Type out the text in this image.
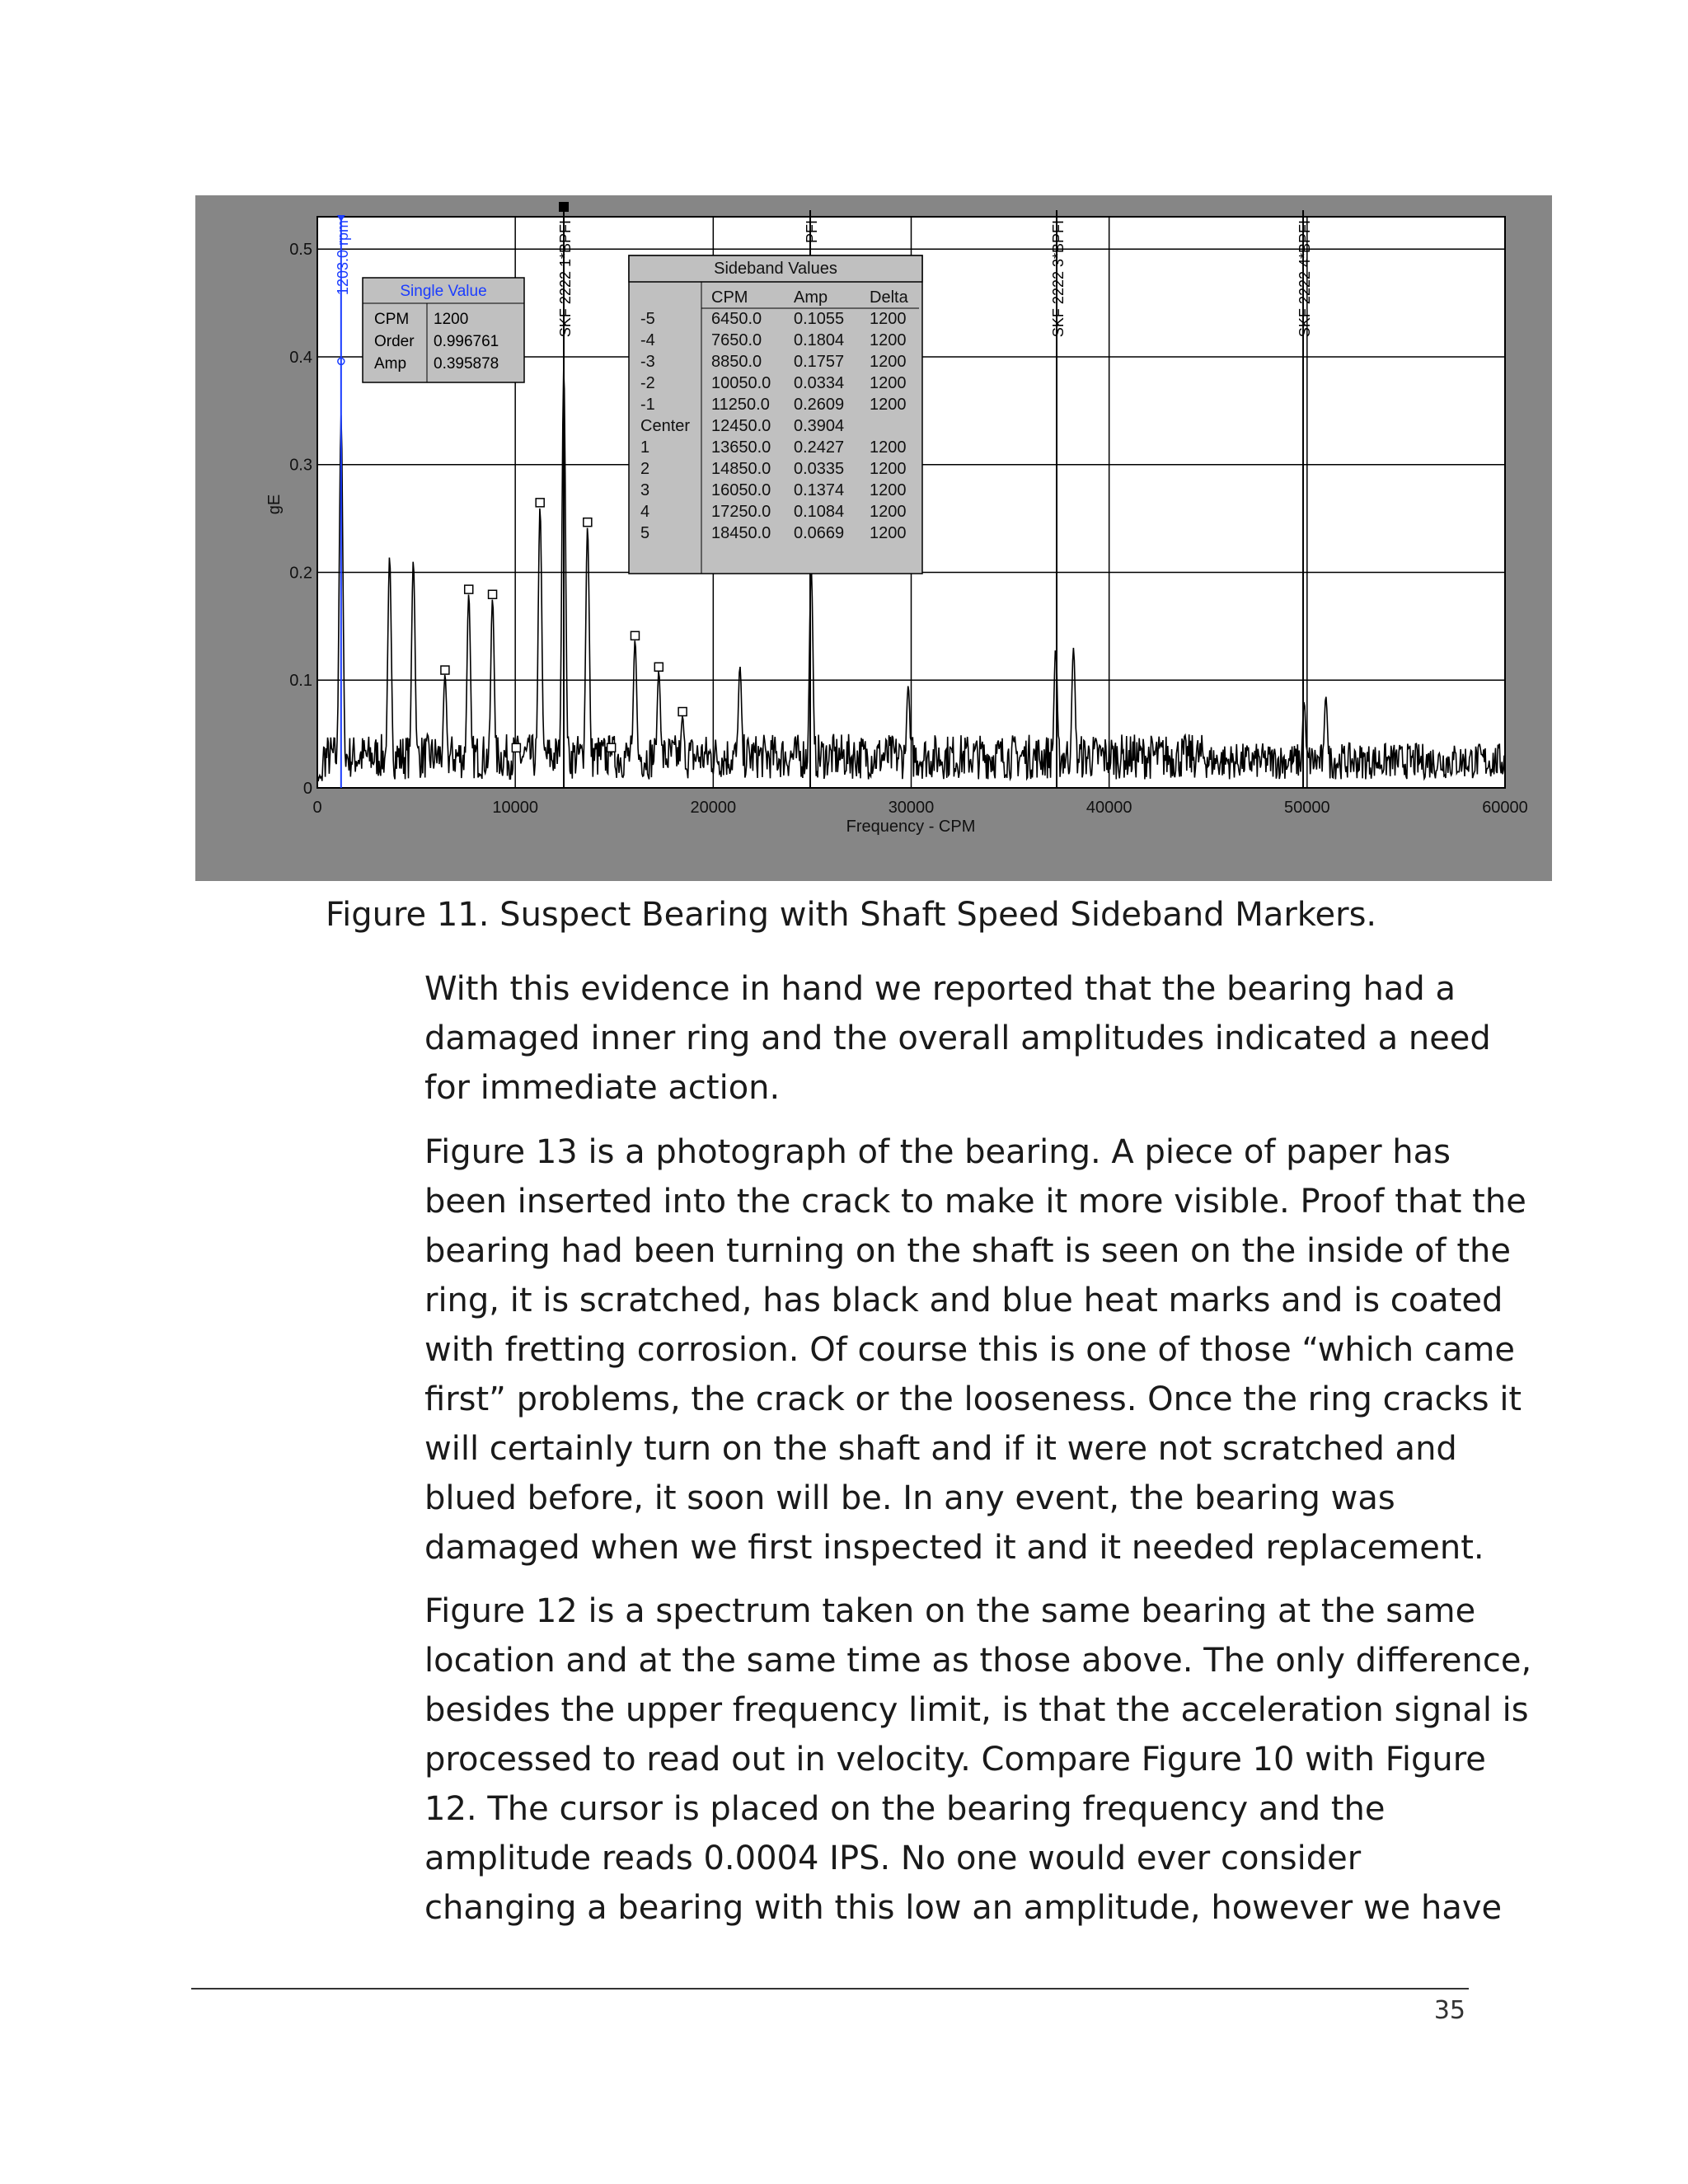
0	10000	20000	30000	40000	50000	60000
0
0.1
0.2
0.3
0.4
0.5
Frequency - CPM
gE
SKF 2222 1*BPFI	PFI	SKF 2222 3*BPFI	SKF 2222 4*BPFI
1203.0 rpm	Single Value
CPM 1200
Order 0.996761
Amp 0.395878
Sideband Values
CPM	Amp	Delta
-5	6450.0 0.1055 1200
-4	7650.0 0.1804 1200
-3	8850.0 0.1757 1200
-2	10050.0 0.0334 1200
-1	11250.0 0.2609 1200
Center 12450.0 0.3904
1	13650.0 0.2427 1200
2	14850.0 0.0335 1200
3	16050.0 0.1374 1200
4	17250.0 0.1084 1200
5	18450.0 0.0669 1200
Figure 11. Suspect Bearing with Shaft Speed Sideband Markers.

With this evidence in hand we reported that the bearing had a
damaged inner ring and the overall amplitudes indicated a need
for immediate action.

Figure 13 is a photograph of the bearing. A piece of paper has
been inserted into the crack to make it more visible. Proof that the
bearing had been turning on the shaft is seen on the inside of the
ring, it is scratched, has black and blue heat marks and is coated
with fretting corrosion. Of course this is one of those “which came
first” problems, the crack or the looseness. Once the ring cracks it
will certainly turn on the shaft and if it were not scratched and
blued before, it soon will be. In any event, the bearing was
damaged when we first inspected it and it needed replacement.

Figure 12 is a spectrum taken on the same bearing at the same
location and at the same time as those above. The only difference,
besides the upper frequency limit, is that the acceleration signal is
processed to read out in velocity. Compare Figure 10 with Figure
12. The cursor is placed on the bearing frequency and the
amplitude reads 0.0004 IPS. No one would ever consider
changing a bearing with this low an amplitude, however we have

35
